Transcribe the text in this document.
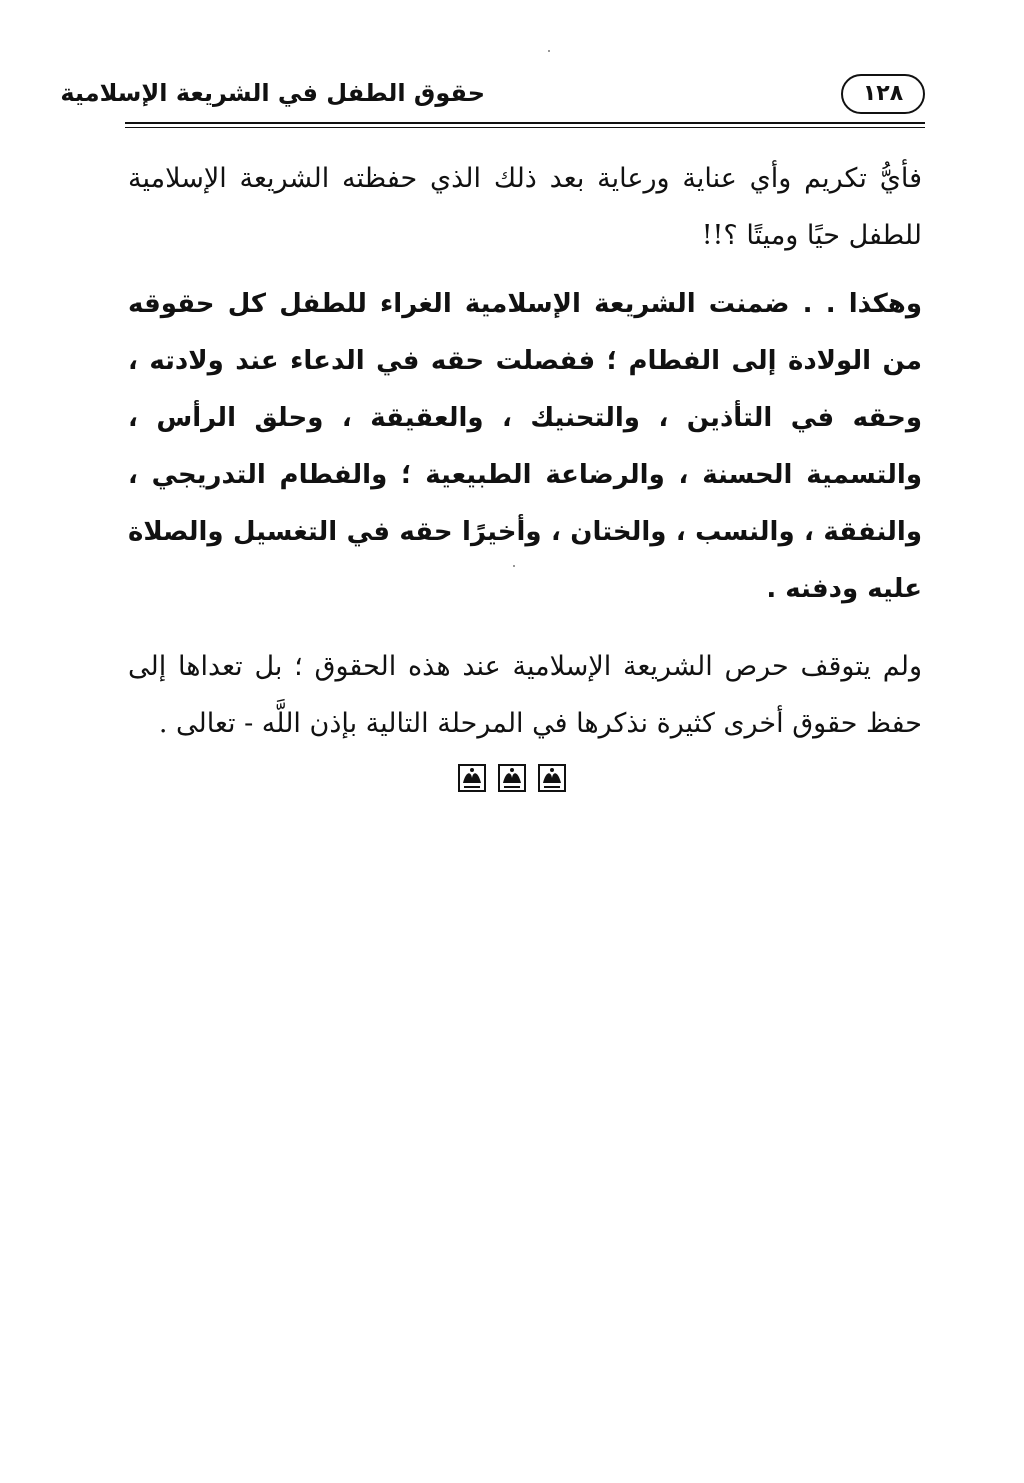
حقوق الطفل في الشريعة الإسلامية	١٢٨

فأيُّ تكريم وأي عناية ورعاية بعد ذلك الذي حفظته الشريعة الإسلامية للطفل حيًا وميتًا ؟!!

وهكذا . . ضمنت الشريعة الإسلامية الغراء للطفل كل حقوقه من الولادة إلى الفطام ؛ ففصلت حقه في الدعاء عند ولادته ، وحقه في التأذين ، والتحنيك ، والعقيقة ، وحلق الرأس ، والتسمية الحسنة ، والرضاعة الطبيعية ؛ والفطام التدريجي ، والنفقة ، والنسب ، والختان ، وأخيرًا حقه في التغسيل والصلاة عليه ودفنه .

ولم يتوقف حرص الشريعة الإسلامية عند هذه الحقوق ؛ بل تعداها إلى حفظ حقوق أخرى كثيرة نذكرها في المرحلة التالية بإذن اللَّه - تعالى .
